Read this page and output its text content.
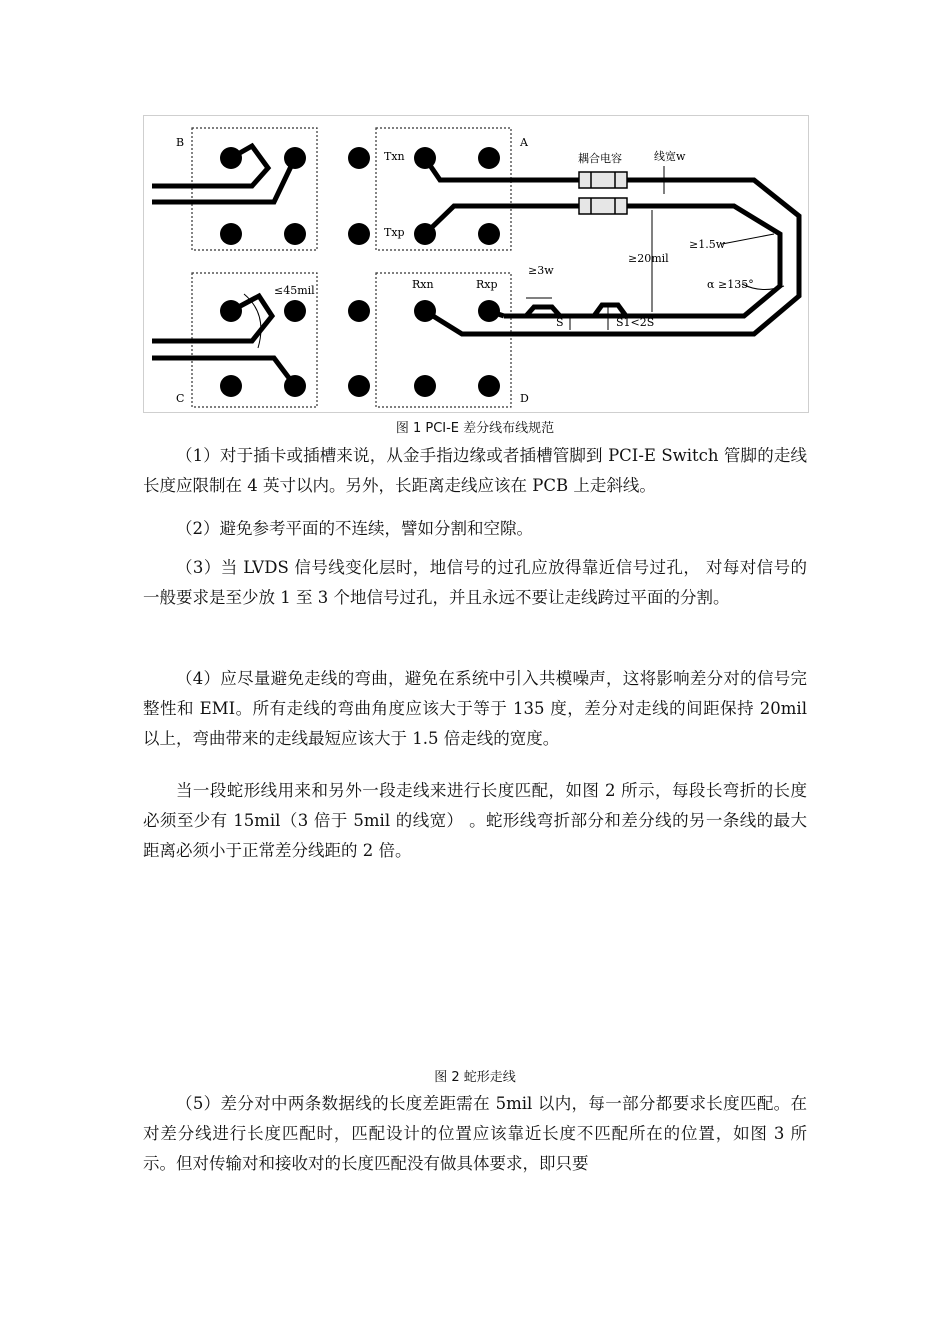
B	A
C	D
Txn
Txp
Rxn	Rxp
耦合电容	线宽w
≥20mil
≥1.5w
α ≥135°
≥3w
S	S1<2S
≤45mil
图 1 PCI-E 差分线布线规范

（1）对于插卡或插槽来说，从金手指边缘或者插槽管脚到 PCI-E Switch 管脚的走线长度应限制在 4 英寸以内。另外，长距离走线应该在 PCB 上走斜线。

（2）避免参考平面的不连续，譬如分割和空隙。

（3）当 LVDS 信号线变化层时，地信号的过孔应放得靠近信号过孔， 对每对信号的一般要求是至少放 1 至 3 个地信号过孔，并且永远不要让走线跨过平面的分割。

（4）应尽量避免走线的弯曲，避免在系统中引入共模噪声，这将影响差分对的信号完整性和 EMI。所有走线的弯曲角度应该大于等于 135 度，差分对走线的间距保持 20mil 以上，弯曲带来的走线最短应该大于 1.5 倍走线的宽度。

当一段蛇形线用来和另外一段走线来进行长度匹配，如图 2 所示，每段长弯折的长度必须至少有 15mil（3 倍于 5mil 的线宽） 。蛇形线弯折部分和差分线的另一条线的最大距离必须小于正常差分线距的 2 倍。

图 2 蛇形走线

（5）差分对中两条数据线的长度差距需在 5mil 以内，每一部分都要求长度匹配。在对差分线进行长度匹配时，匹配设计的位置应该靠近长度不匹配所在的位置，如图 3 所示。但对传输对和接收对的长度匹配没有做具体要求，即只要
